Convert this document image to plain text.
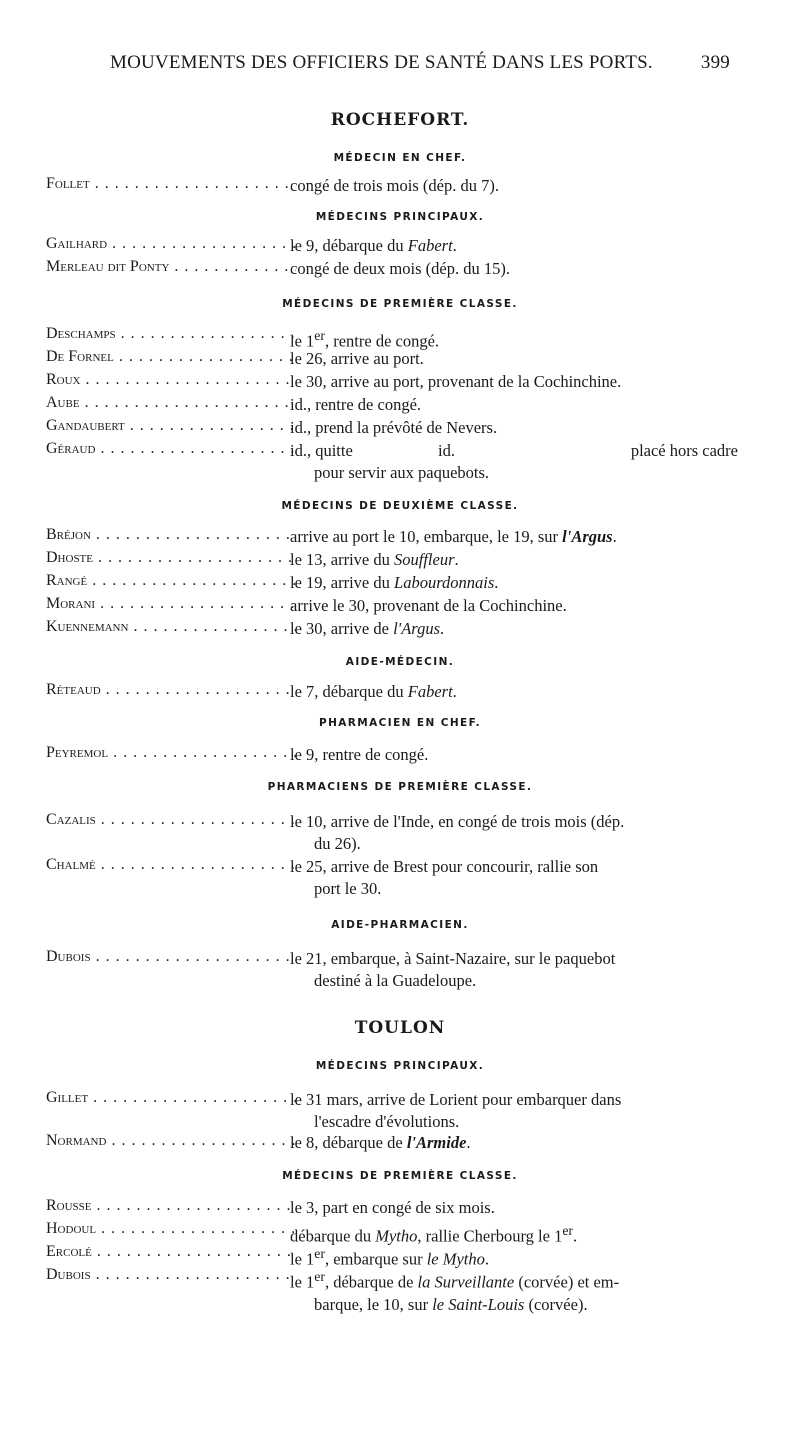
MOUVEMENTS DES OFFICIERS DE SANTÉ DANS LES PORTS.	399
ROCHEFORT.
MÉDECIN EN CHEF.
Follet . . .	congé de trois mois (dép. du 7).
MÉDECINS PRINCIPAUX.
Gailhard . . .	le 9, débarque du Fabert.
Merleau dit Ponty . . .	congé de deux mois (dép. du 15).
MÉDECINS DE PREMIÈRE CLASSE.
Deschamps . . .	le 1er, rentre de congé.
De Fornel . . .	le 26, arrive au port.
Roux . . .	le 30, arrive au port, provenant de la Cochinchine.
Aube . . .	id., rentre de congé.
Gandaubert . . .	id., prend la prévôté de Nevers.
Géraud . . .	id., quitte	id.	placé hors cadre
pour servir aux paquebots.
MÉDECINS DE DEUXIÈME CLASSE.
Bréjon . . .	arrive au port le 10, embarque, le 19, sur l'Argus.
Dhoste . . .	le 13, arrive du Souffleur.
Rangé . . .	le 19, arrive du Labourdonnais.
Morani . . .	arrive le 30, provenant de la Cochinchine.
Kuennemann . . .	le 30, arrive de l'Argus.
AIDE-MÉDECIN.
Réteaud . . .	le 7, débarque du Fabert.
PHARMACIEN EN CHEF.
Peyremol . . .	le 9, rentre de congé.
PHARMACIENS DE PREMIÈRE CLASSE.
Cazalis . . .	le 10, arrive de l'Inde, en congé de trois mois (dép.
du 26).
Chalmé . . .	le 25, arrive de Brest pour concourir, rallie son
port le 30.
AIDE-PHARMACIEN.
Dubois . . .	le 21, embarque, à Saint-Nazaire, sur le paquebot
destiné à la Guadeloupe.
TOULON
MÉDECINS PRINCIPAUX.
Gillet . . .	le 31 mars, arrive de Lorient pour embarquer dans
l'escadre d'évolutions.
Normand . . .	le 8, débarque de l'Armide.
MÉDECINS DE PREMIÈRE CLASSE.
Rousse . . .	le 3, part en congé de six mois.
Hodoul . . .	débarque du Mytho, rallie Cherbourg le 1er.
Ercolé . . .	le 1er, embarque sur le Mytho.
Dubois . . .	le 1er, débarque de la Surveillante (corvée) et em-
barque, le 10, sur le Saint-Louis (corvée).
